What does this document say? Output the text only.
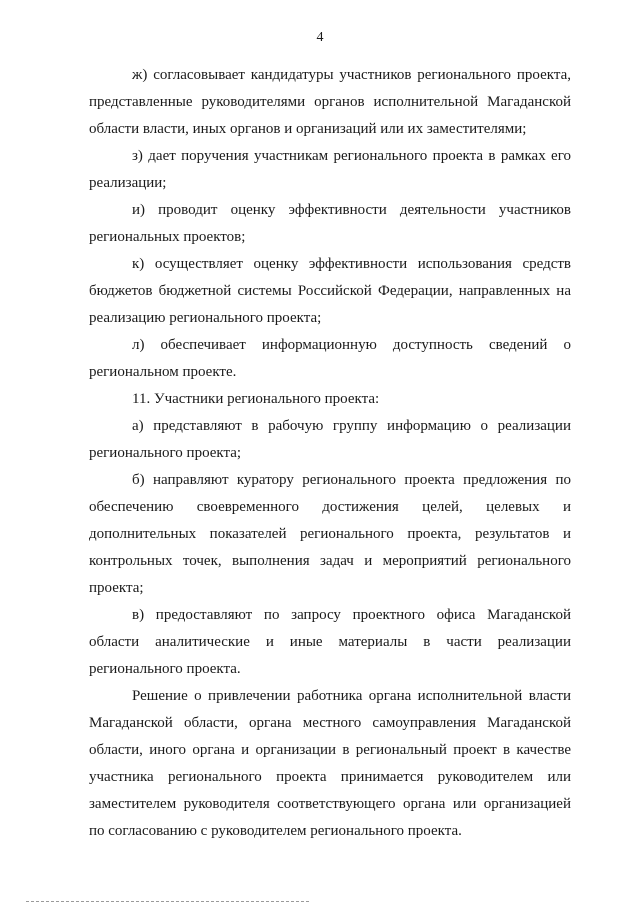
4

ж) согласовывает кандидатуры участников регионального проекта, представленные руководителями органов исполнительной Магаданской области власти, иных органов и организаций или их заместителями;

з) дает поручения участникам регионального проекта в рамках его реализации;

и) проводит оценку эффективности деятельности участников региональных проектов;

к) осуществляет оценку эффективности использования средств бюджетов бюджетной системы Российской Федерации, направленных на реализацию регионального проекта;

л) обеспечивает информационную доступность сведений о региональном проекте.

11. Участники регионального проекта:

а) представляют в рабочую группу информацию о реализации регионального проекта;

б) направляют куратору регионального проекта предложения по обеспечению своевременного достижения целей, целевых и дополнительных показателей регионального проекта, результатов и контрольных точек, выполнения задач и мероприятий регионального проекта;

в) предоставляют по запросу проектного офиса Магаданской области аналитические и иные материалы в части реализации регионального проекта.

Решение о привлечении работника органа исполнительной власти Магаданской области, органа местного самоуправления Магаданской области, иного органа и организации в региональный проект в качестве участника регионального проекта принимается руководителем или заместителем руководителя соответствующего органа или организацией по согласованию с руководителем регионального проекта.
